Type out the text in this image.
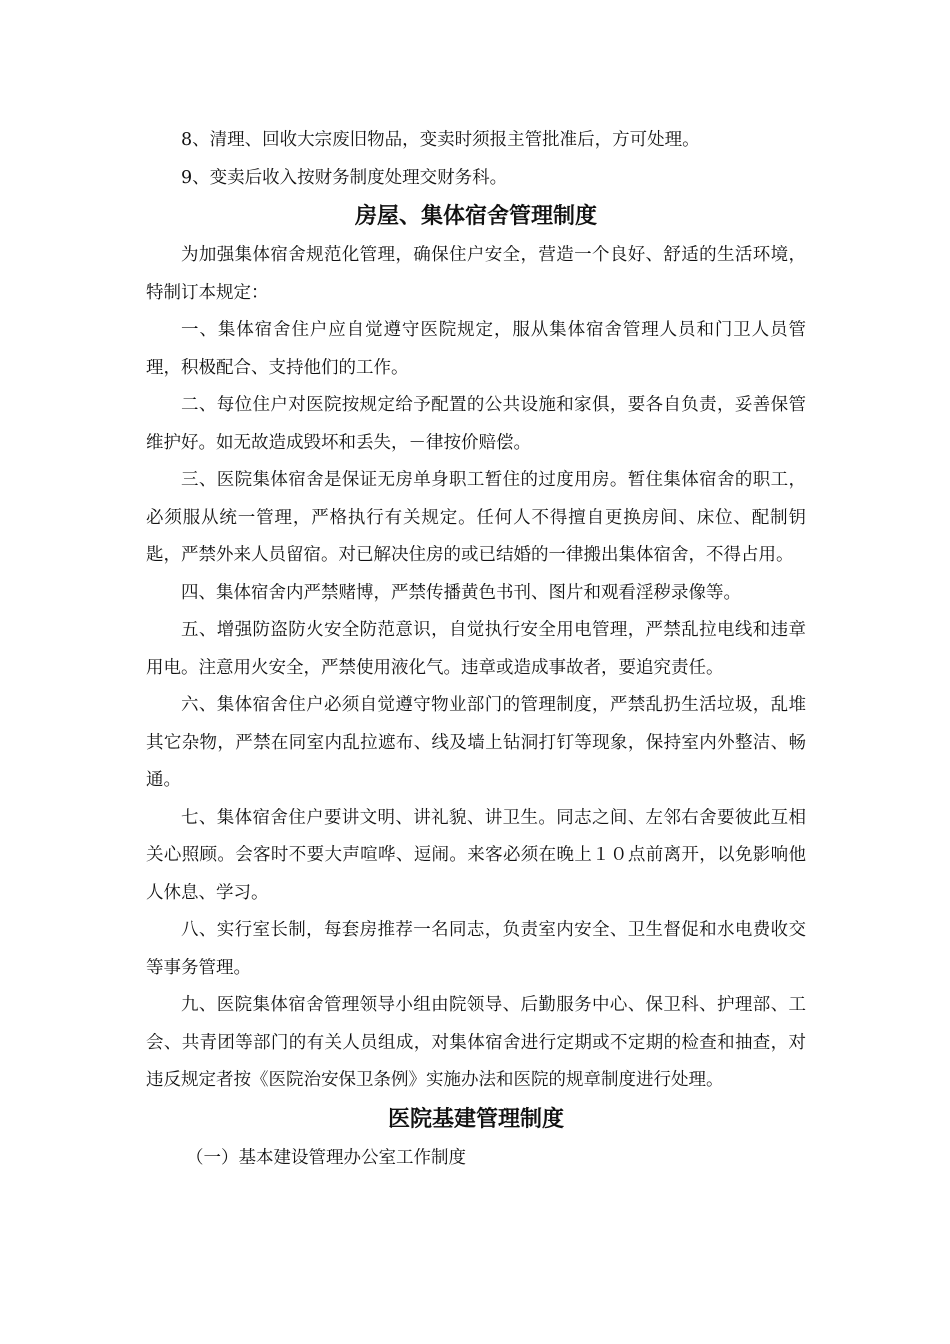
8、清理、回收大宗废旧物品，变卖时须报主管批准后，方可处理。

9、变卖后收入按财务制度处理交财务科。

房屋、集体宿舍管理制度

为加强集体宿舍规范化管理，确保住户安全，营造一个良好、舒适的生活环境，特制订本规定：

一、集体宿舍住户应自觉遵守医院规定，服从集体宿舍管理人员和门卫人员管理，积极配合、支持他们的工作。

二、每位住户对医院按规定给予配置的公共设施和家俱，要各自负责，妥善保管维护好。如无故造成毁坏和丢失，－律按价赔偿。

三、医院集体宿舍是保证无房单身职工暂住的过度用房。暂住集体宿舍的职工，必须服从统一管理，严格执行有关规定。任何人不得擅自更换房间、床位、配制钥匙，严禁外来人员留宿。对已解决住房的或已结婚的一律搬出集体宿舍，不得占用。

四、集体宿舍内严禁赌博，严禁传播黄色书刊、图片和观看淫秽录像等。

五、增强防盗防火安全防范意识，自觉执行安全用电管理，严禁乱拉电线和违章用电。注意用火安全，严禁使用液化气。违章或造成事故者，要追究责任。

六、集体宿舍住户必须自觉遵守物业部门的管理制度，严禁乱扔生活垃圾，乱堆其它杂物，严禁在同室内乱拉遮布、线及墙上钻洞打钉等现象，保持室内外整洁、畅通。

七、集体宿舍住户要讲文明、讲礼貌、讲卫生。同志之间、左邻右舍要彼此互相关心照顾。会客时不要大声喧哗、逗闹。来客必须在晚上１０点前离开，以免影响他人休息、学习。

八、实行室长制，每套房推荐一名同志，负责室内安全、卫生督促和水电费收交等事务管理。

九、医院集体宿舍管理领导小组由院领导、后勤服务中心、保卫科、护理部、工会、共青团等部门的有关人员组成，对集体宿舍进行定期或不定期的检查和抽查，对违反规定者按《医院治安保卫条例》实施办法和医院的规章制度进行处理。

医院基建管理制度

（一）基本建设管理办公室工作制度
